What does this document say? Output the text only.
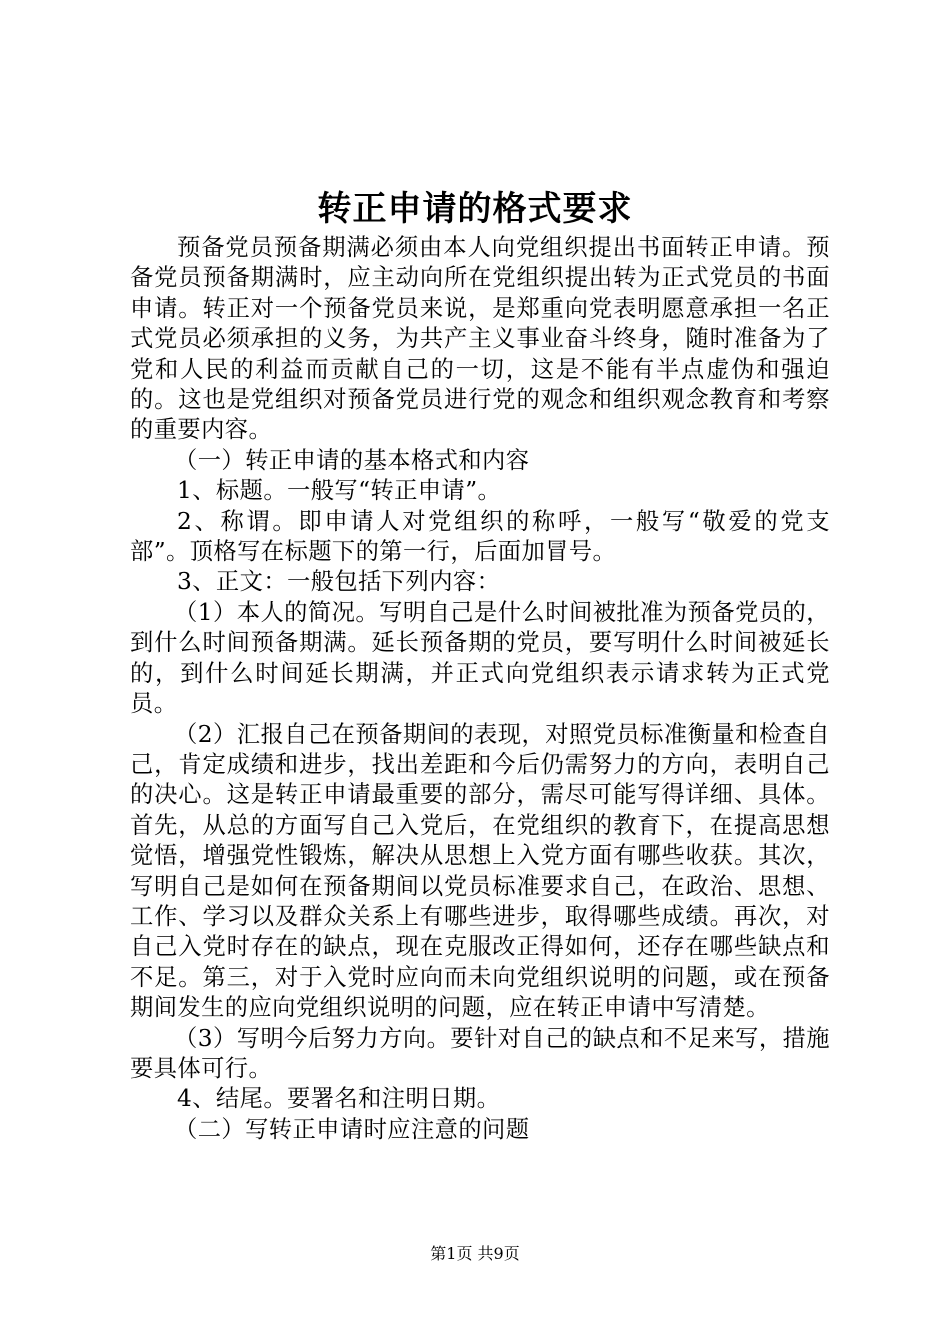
转正申请的格式要求

预备党员预备期满必须由本人向党组织提出书面转正申请。预备党员预备期满时，应主动向所在党组织提出转为正式党员的书面申请。转正对一个预备党员来说，是郑重向党表明愿意承担一名正式党员必须承担的义务，为共产主义事业奋斗终身，随时准备为了党和人民的利益而贡献自己的一切，这是不能有半点虚伪和强迫的。这也是党组织对预备党员进行党的观念和组织观念教育和考察的重要内容。

（一）转正申请的基本格式和内容

1、标题。一般写“转正申请”。

2、称谓。即申请人对党组织的称呼，一般写“敬爱的党支部”。顶格写在标题下的第一行，后面加冒号。

3、正文：一般包括下列内容：

（1）本人的简况。写明自己是什么时间被批准为预备党员的，到什么时间预备期满。延长预备期的党员，要写明什么时间被延长的，到什么时间延长期满，并正式向党组织表示请求转为正式党员。

（2）汇报自己在预备期间的表现，对照党员标准衡量和检查自己，肯定成绩和进步，找出差距和今后仍需努力的方向，表明自己的决心。这是转正申请最重要的部分，需尽可能写得详细、具体。首先，从总的方面写自己入党后，在党组织的教育下，在提高思想觉悟，增强党性锻炼，解决从思想上入党方面有哪些收获。其次，写明自己是如何在预备期间以党员标准要求自己，在政治、思想、工作、学习以及群众关系上有哪些进步，取得哪些成绩。再次，对自己入党时存在的缺点，现在克服改正得如何，还存在哪些缺点和不足。第三，对于入党时应向而未向党组织说明的问题，或在预备期间发生的应向党组织说明的问题，应在转正申请中写清楚。

（3）写明今后努力方向。要针对自己的缺点和不足来写，措施要具体可行。

4、结尾。要署名和注明日期。

（二）写转正申请时应注意的问题

第1页 共9页
